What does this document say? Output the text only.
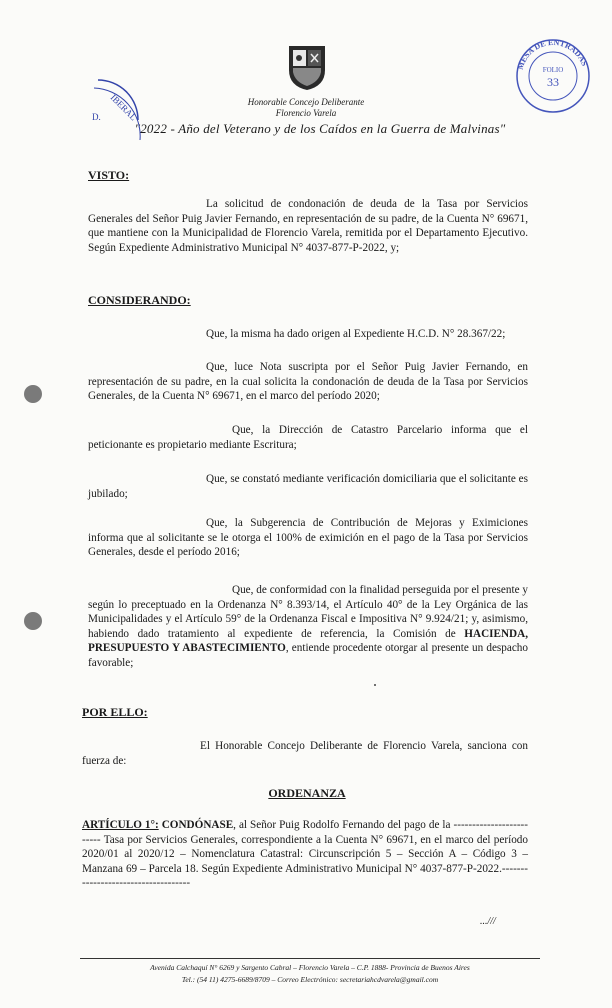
Honorable Concejo Deliberante
Florencio Varela
"2022 - Año del Veterano y de los Caídos en la Guerra de Malvinas"
IBERAL
D.
MESA DE ENTRADAS
FOLIO
33
VISTO:
La solicitud de condonación de deuda de la Tasa por Servicios Generales del Señor Puig Javier Fernando, en representación de su padre, de la Cuenta N° 69671, que mantiene con la Municipalidad de Florencio Varela, remitida por el Departamento Ejecutivo. Según Expediente Administrativo Municipal N° 4037-877-P-2022, y;
CONSIDERANDO:
Que, la misma ha dado origen al Expediente H.C.D. N° 28.367/22;
Que, luce Nota suscripta por el Señor Puig Javier Fernando, en representación de su padre, en la cual solicita la condonación de deuda de la Tasa por Servicios Generales, de la Cuenta N° 69671, en el marco del período 2020;
Que, la Dirección de Catastro Parcelario informa que el peticionante es propietario mediante Escritura;
Que, se constató mediante verificación domiciliaria que el solicitante es jubilado;
Que, la Subgerencia de Contribución de Mejoras y Eximiciones informa que al solicitante se le otorga el 100% de eximición en el pago de la Tasa por Servicios Generales, desde el período 2016;
Que, de conformidad con la finalidad perseguida por el presente y según lo preceptuado en la Ordenanza N° 8.393/14, el Artículo 40° de la Ley Orgánica de las Municipalidades y el Artículo 59° de la Ordenanza Fiscal e Impositiva N° 9.924/21; y, asimismo, habiendo dado tratamiento al expediente de referencia, la Comisión de HACIENDA, PRESUPUESTO Y ABASTECIMIENTO, entiende procedente otorgar al presente un despacho favorable;
POR ELLO:
El Honorable Concejo Deliberante de Florencio Varela, sanciona con fuerza de:
ORDENANZA
ARTÍCULO 1°: CONDÓNASE, al Señor Puig Rodolfo Fernando del pago de la ------------------------- Tasa por Servicios Generales, correspondiente a la Cuenta N° 69671, en el marco del período 2020/01 al 2020/12 – Nomenclatura Catastral: Circunscripción 5 – Sección A – Código 3 – Manzana 69 – Parcela 18. Según Expediente Administrativo Municipal N° 4037-877-P-2022.------------------------------------
...///
Avenida Calchaquí N° 6269 y Sargento Cabral – Florencio Varela – C.P. 1888- Provincia de Buenos Aires
Tel.: (54 11) 4275-6689/8709 – Correo Electrónico: secretariahcdvarela@gmail.com
